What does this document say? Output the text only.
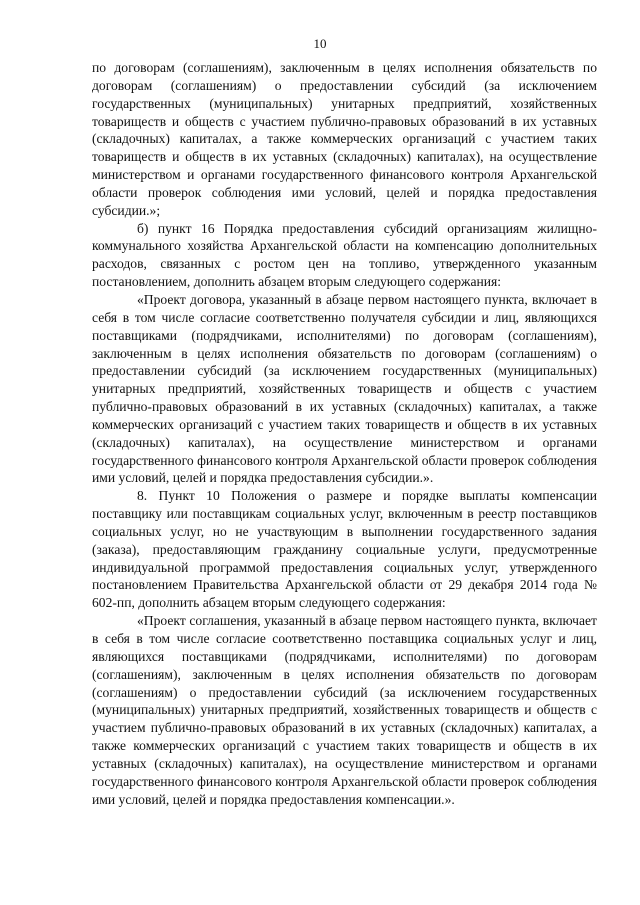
10

по договорам (соглашениям), заключенным в целях исполнения обязательств по договорам (соглашениям) о предоставлении субсидий (за исключением государственных (муниципальных) унитарных предприятий, хозяйственных товариществ и обществ с участием публично-правовых образований в их уставных (складочных) капиталах, а также коммерческих организаций с участием таких товариществ и обществ в их уставных (складочных) капиталах), на осуществление министерством и органами государственного финансового контроля Архангельской области проверок соблюдения ими условий, целей и порядка предоставления субсидии.»;

б) пункт 16 Порядка предоставления субсидий организациям жилищно-коммунального хозяйства Архангельской области на компенсацию дополнительных расходов, связанных с ростом цен на топливо, утвержденного указанным постановлением, дополнить абзацем вторым следующего содержания:

«Проект договора, указанный в абзаце первом настоящего пункта, включает в себя в том числе согласие соответственно получателя субсидии и лиц, являющихся поставщиками (подрядчиками, исполнителями) по договорам (соглашениям), заключенным в целях исполнения обязательств по договорам (соглашениям) о предоставлении субсидий (за исключением государственных (муниципальных) унитарных предприятий, хозяйственных товариществ и обществ с участием публично-правовых образований в их уставных (складочных) капиталах, а также коммерческих организаций с участием таких товариществ и обществ в их уставных (складочных) капиталах), на осуществление министерством и органами государственного финансового контроля Архангельской области проверок соблюдения ими условий, целей и порядка предоставления субсидии.».

8. Пункт 10 Положения о размере и порядке выплаты компенсации поставщику или поставщикам социальных услуг, включенным в реестр поставщиков социальных услуг, но не участвующим в выполнении государственного задания (заказа), предоставляющим гражданину социальные услуги, предусмотренные индивидуальной программой предоставления социальных услуг, утвержденного постановлением Правительства Архангельской области от 29 декабря 2014 года № 602-пп, дополнить абзацем вторым следующего содержания:

«Проект соглашения, указанный в абзаце первом настоящего пункта, включает в себя в том числе согласие соответственно поставщика социальных услуг и лиц, являющихся поставщиками (подрядчиками, исполнителями) по договорам (соглашениям), заключенным в целях исполнения обязательств по договорам (соглашениям) о предоставлении субсидий (за исключением государственных (муниципальных) унитарных предприятий, хозяйственных товариществ и обществ с участием публично-правовых образований в их уставных (складочных) капиталах, а также коммерческих организаций с участием таких товариществ и обществ в их уставных (складочных) капиталах), на осуществление министерством и органами государственного финансового контроля Архангельской области проверок соблюдения ими условий, целей и порядка предоставления компенсации.».
